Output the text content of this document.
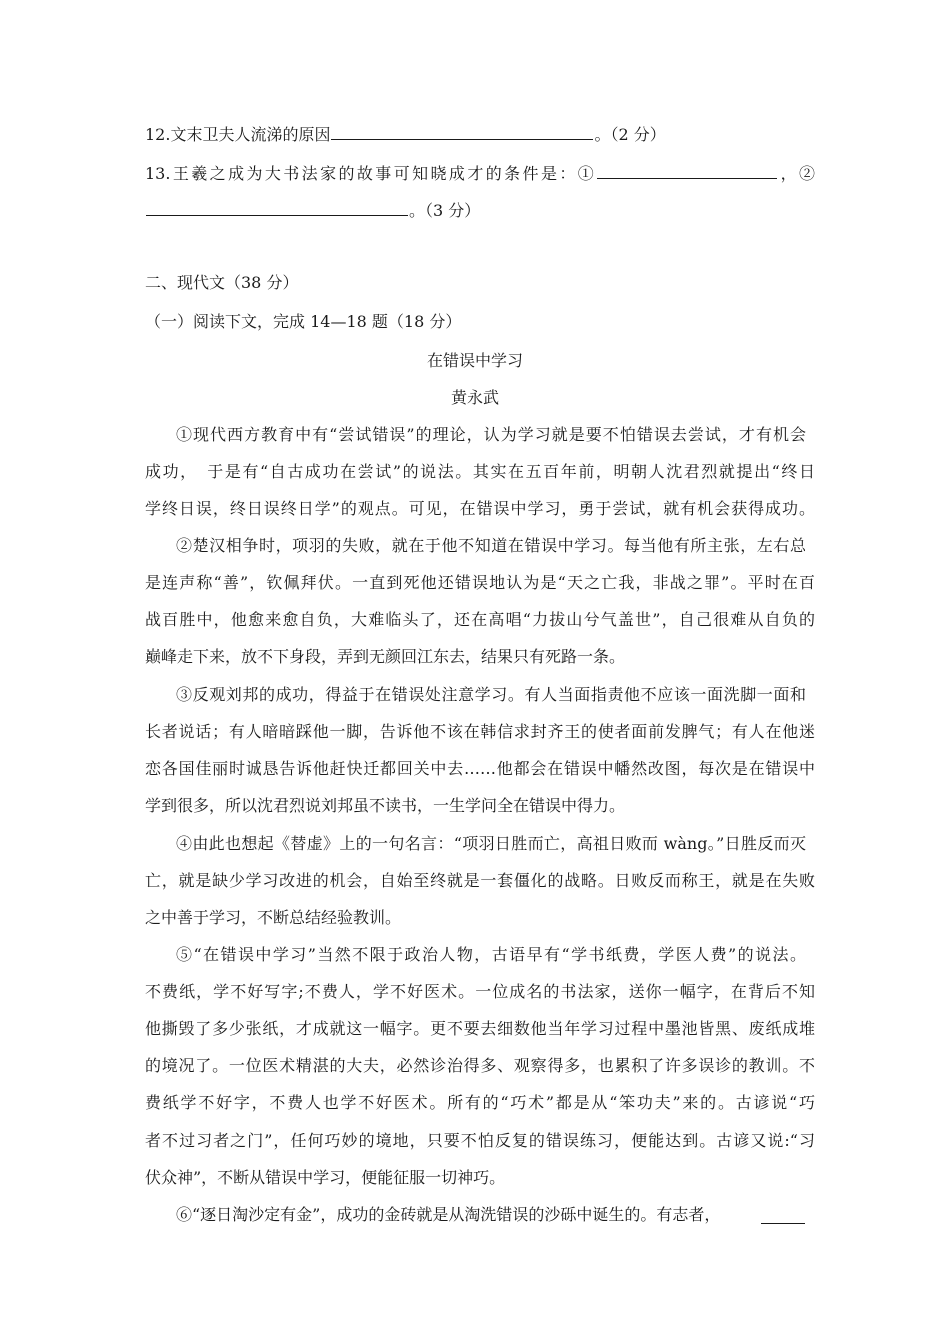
12.文末卫夫人流涕的原因	。（2 分）
13.王羲之成为大书法家的故事可知晓成才的条件是：①	，②
。（3 分）
二、现代文（38 分）
（一）阅读下文，完成 14—18 题（18 分）
在错误中学习
黄永武
①现代西方教育中有“尝试错误”的理论，认为学习就是要不怕错误去尝试，才有机会
成功，　于是有“自古成功在尝试”的说法。其实在五百年前，明朝人沈君烈就提出“终日
学终日误，终日误终日学”的观点。可见，在错误中学习，勇于尝试，就有机会获得成功。
②楚汉相争时，项羽的失败，就在于他不知道在错误中学习。每当他有所主张，左右总
是连声称“善”，钦佩拜伏。一直到死他还错误地认为是“天之亡我，非战之罪”。平时在百
战百胜中，他愈来愈自负，大难临头了，还在高唱“力拔山兮气盖世”，自己很难从自负的
巅峰走下来，放不下身段，弄到无颜回江东去，结果只有死路一条。
③反观刘邦的成功，得益于在错误处注意学习。有人当面指责他不应该一面洗脚一面和
长者说话；有人暗暗踩他一脚，告诉他不该在韩信求封齐王的使者面前发脾气；有人在他迷
恋各国佳丽时诚恳告诉他赶快迁都回关中去……他都会在错误中幡然改图，每次是在错误中
学到很多，所以沈君烈说刘邦虽不读书，一生学问全在错误中得力。
④由此也想起《替虚》上的一句名言：“项羽日胜而亡，高祖日败而 wàng。”日胜反而灭
亡，就是缺少学习改进的机会，自始至终就是一套僵化的战略。日败反而称王，就是在失败
之中善于学习，不断总结经验教训。
⑤“在错误中学习”当然不限于政治人物，古语早有“学书纸费，学医人费”的说法。
不费纸，学不好写字;不费人，学不好医术。一位成名的书法家，送你一幅字，在背后不知
他撕毁了多少张纸，才成就这一幅字。更不要去细数他当年学习过程中墨池皆黑、废纸成堆
的境况了。一位医术精湛的大夫，必然诊治得多、观察得多，也累积了许多误诊的教训。不
费纸学不好字，不费人也学不好医术。所有的“巧术”都是从“笨功夫”来的。古谚说“巧
者不过习者之门”，任何巧妙的境地，只要不怕反复的错误练习，便能达到。古谚又说:“习
伏众神”，不断从错误中学习，便能征服一切神巧。
⑥“逐日淘沙定有金”，成功的金砖就是从淘洗错误的沙砾中诞生的。有志者，
